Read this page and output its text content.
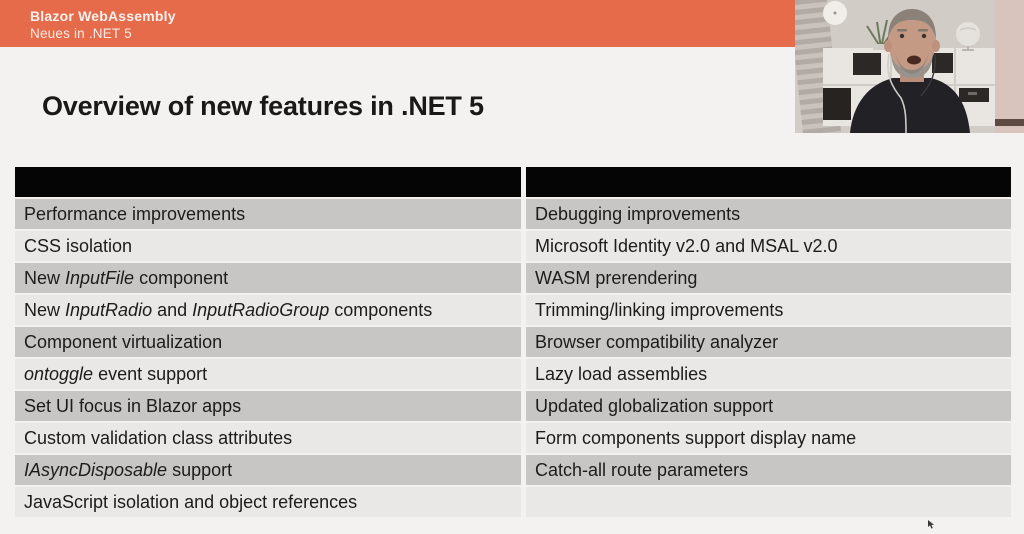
Blazor WebAssembly
Neues in .NET 5
Overview of new features in .NET 5
Performance improvements	Debugging improvements
CSS isolation	Microsoft Identity v2.0 and MSAL v2.0
New InputFile component	WASM prerendering
New InputRadio and InputRadioGroup components	Trimming/linking improvements
Component virtualization	Browser compatibility analyzer
ontoggle event support	Lazy load assemblies
Set UI focus in Blazor apps	Updated globalization support
Custom validation class attributes	Form components support display name
IAsyncDisposable support	Catch-all route parameters
JavaScript isolation and object references
